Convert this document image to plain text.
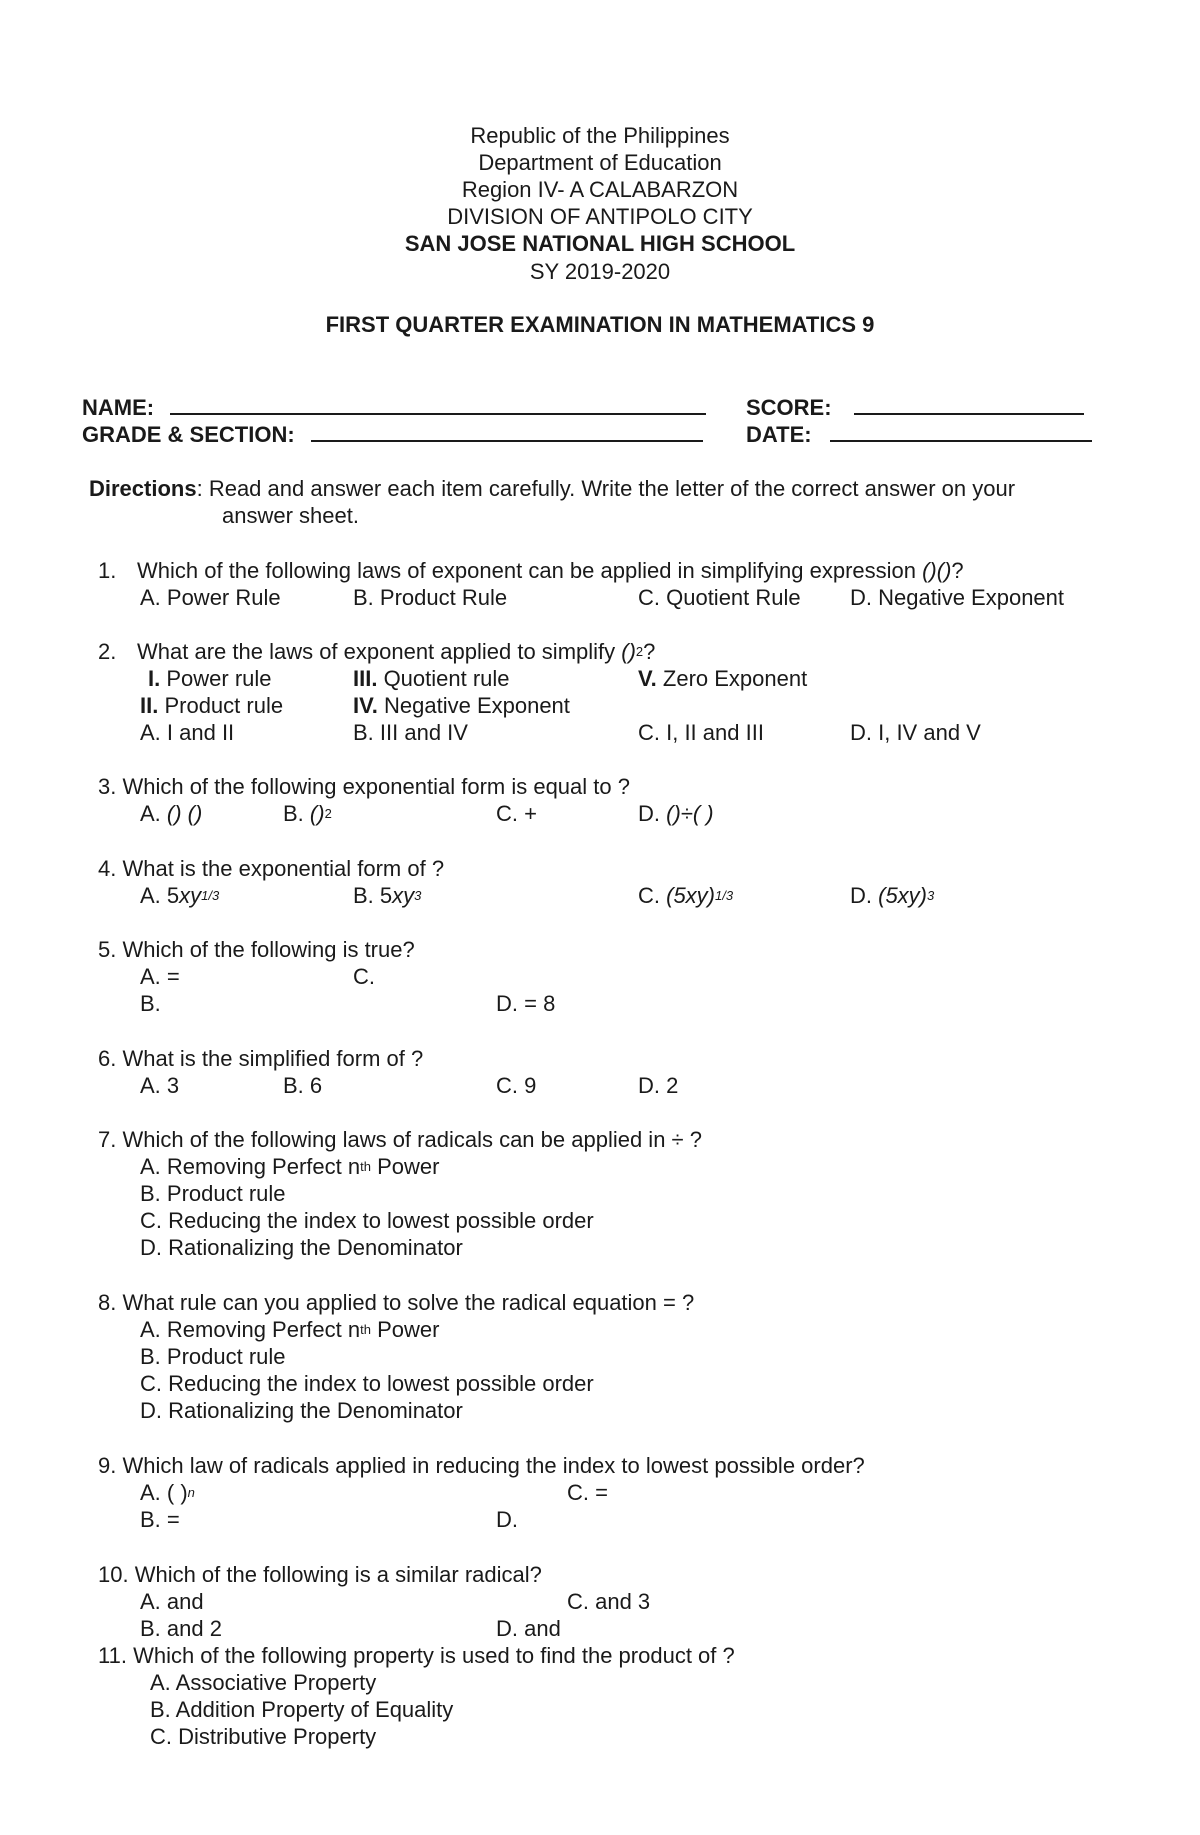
Republic of the Philippines
Department of Education
Region IV- A CALABARZON
DIVISION OF ANTIPOLO CITY
SAN JOSE NATIONAL HIGH SCHOOL
SY 2019-2020
FIRST QUARTER EXAMINATION IN MATHEMATICS 9
NAME:	SCORE:
GRADE & SECTION:	DATE:
Directions: Read and answer each item carefully. Write the letter of the correct answer on your
answer sheet.
1. Which of the following laws of exponent can be applied in simplifying expression ()()?
A. Power Rule	B. Product Rule	C. Quotient Rule D. Negative Exponent
2. What are the laws of exponent applied to simplify ()$^2$?
I. Power rule	III. Quotient rule	V. Zero Exponent
II. Product rule	IV. Negative Exponent
A. I and II	B. III and IV	C. I, II and III	D. I, IV and V
3. Which of the following exponential form is equal to ?
A. () ()	B. ()$^2$	C. +	D. ()÷( )
4. What is the exponential form of ?
A. $5xy^{1/3}$	B. $5xy^3$	C. $(5xy)^{1/3}$	D. $(5xy)^3$
5. Which of the following is true?
A. =	C.
B.	D. = 8
6. What is the simplified form of ?
A. 3	B. 6	C. 9	D. 2
7. Which of the following laws of radicals can be applied in ÷ ?
A. Removing Perfect $n^{th}$ Power
B. Product rule
C. Reducing the index to lowest possible order
D. Rationalizing the Denominator
8. What rule can you applied to solve the radical equation = ?
A. Removing Perfect $n^{th}$ Power
B. Product rule
C. Reducing the index to lowest possible order
D. Rationalizing the Denominator
9. Which law of radicals applied in reducing the index to lowest possible order?
A. ( )$^n$	C. =
B. =	D.
10. Which of the following is a similar radical?
A. and	C. and 3
B. and 2	D. and
11. Which of the following property is used to find the product of ?
A. Associative Property
B. Addition Property of Equality
C. Distributive Property
